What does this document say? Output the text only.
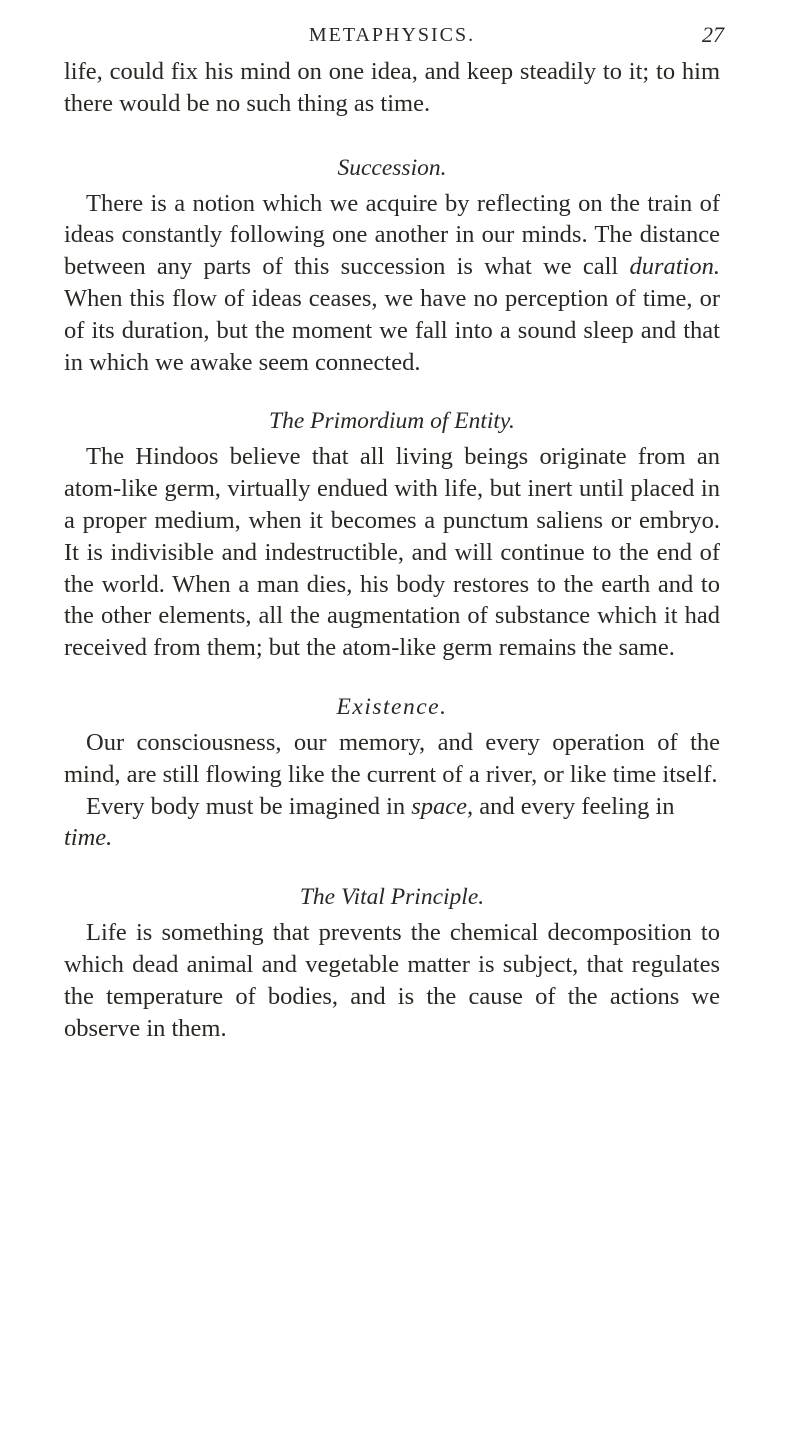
METAPHYSICS.	27

life, could fix his mind on one idea, and keep steadily to it; to him there would be no such thing as time.

Succession.

There is a notion which we acquire by reflecting on the train of ideas constantly following one another in our minds. The distance between any parts of this succession is what we call duration. When this flow of ideas ceases, we have no perception of time, or of its duration, but the moment we fall into a sound sleep and that in which we awake seem connected.

The Primordium of Entity.

The Hindoos believe that all living beings originate from an atom-like germ, virtually endued with life, but inert until placed in a proper medium, when it becomes a punctum saliens or embryo. It is indivisible and indestructible, and will continue to the end of the world. When a man dies, his body restores to the earth and to the other elements, all the augmentation of substance which it had received from them; but the atom-like germ remains the same.

Existence.

Our consciousness, our memory, and every operation of the mind, are still flowing like the current of a river, or like time itself.

Every body must be imagined in space, and every feeling in time.

The Vital Principle.

Life is something that prevents the chemical decomposition to which dead animal and vegetable matter is subject, that regulates the temperature of bodies, and is the cause of the actions we observe in them.
